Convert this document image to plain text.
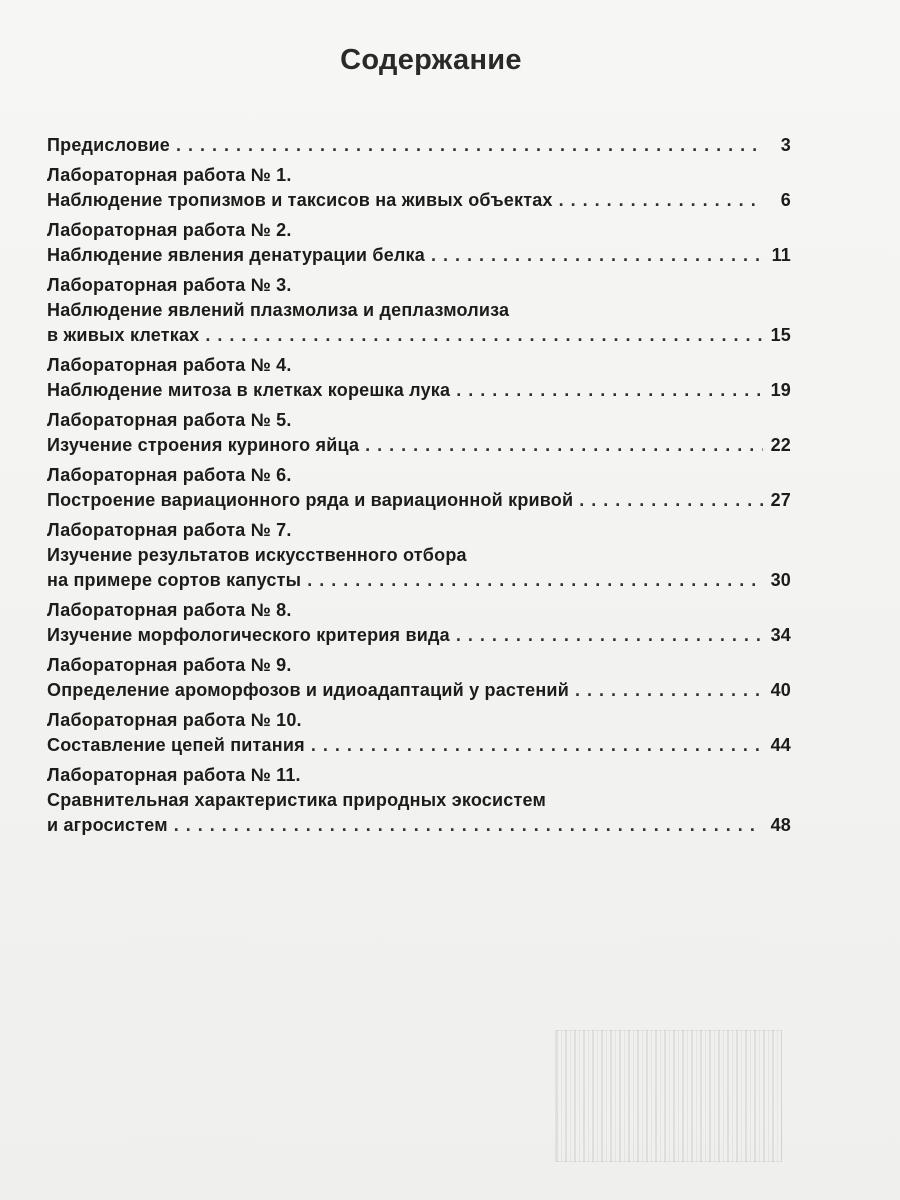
Содержание
Предисловие . . .	3
Лабораторная работа № 1.
Наблюдение тропизмов и таксисов на живых объектах . . .	6
Лабораторная работа № 2.
Наблюдение явления денатурации белка . . .	11
Лабораторная работа № 3.
Наблюдение явлений плазмолиза и деплазмолиза
в живых клетках . . .	15
Лабораторная работа № 4.
Наблюдение митоза в клетках корешка лука . . .	19
Лабораторная работа № 5.
Изучение строения куриного яйца . . .	22
Лабораторная работа № 6.
Построение вариационного ряда и вариационной кривой . . .	27
Лабораторная работа № 7.
Изучение результатов искусственного отбора
на примере сортов капусты . . .	30
Лабораторная работа № 8.
Изучение морфологического критерия вида . . .	34
Лабораторная работа № 9.
Определение ароморфозов и идиоадаптаций у растений . . .	40
Лабораторная работа № 10.
Составление цепей питания . . .	44
Лабораторная работа № 11.
Сравнительная характеристика природных экосистем
и агросистем . . .	48
